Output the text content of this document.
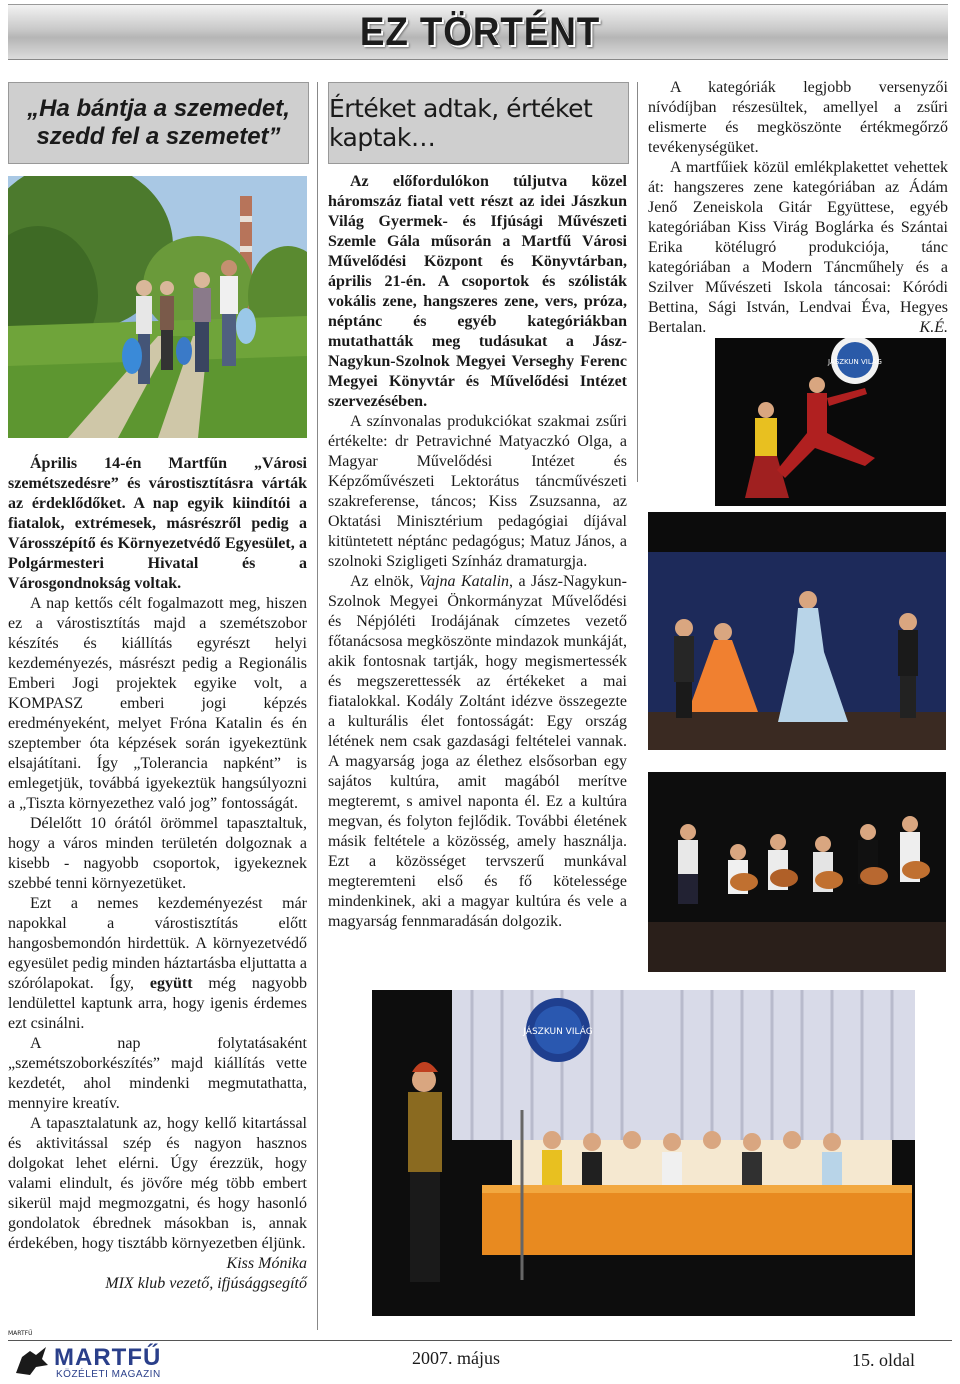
EZ TÖRTÉNT
„Ha bántja a szemedet,
szedd fel a szemetet”

Április 14-én Martfűn „Városi szemétszedésre” és várostisztításra várták az érdeklődőket. A nap egyik kiindítói a fiatalok, extrémesek, másrészről pedig a Városszépítő és Környezetvédő Egyesület, a Polgármesteri Hivatal és a Városgondnokság voltak.

A nap kettős célt fogalmazott meg, hiszen ez a várostisztítás majd a szemétszobor készítés és kiállítás egyrészt helyi kezdeményezés, másrészt pedig a Regionális Emberi Jogi projektek egyike volt, a KOMPASZ emberi jogi képzés eredményeként, melyet Fróna Katalin és én szeptember óta képzések során igyekeztünk elsajátítani. Így „Tolerancia napként” is emlegetjük, továbbá igyekeztük hangsúlyozni a „Tiszta környezethez való jog” fontosságát.

Délelőtt 10 órától örömmel tapasztaltuk, hogy a város minden területén dolgoznak a kisebb - nagyobb csoportok, igyekeznek szebbé tenni környezetüket.

Ezt a nemes kezdeményezést már napokkal a várostisztítás előtt hangosbemondón hirdettük. A környezetvédő egyesület pedig minden háztartásba eljuttatta a szórólapokat. Így, együtt még nagyobb lendülettel kaptunk arra, hogy igenis érdemes ezt csinálni.

A nap folytatásaként „szemétszoborkészítés” majd kiállítás vette kezdetét, ahol mindenki megmutathatta, mennyire kreatív.

A tapasztalatunk az, hogy kellő kitartással és aktivitással szép és nagyon hasznos dolgokat lehet elérni. Úgy érezzük, hogy valami elindult, és jövőre még több embert sikerül majd megmozgatni, és hogy hasonló gondolatok ébrednek másokban is, annak érdekében, hogy tisztább környezetben éljünk.

Kiss Mónika

MIX klub vezető, ifjúsággsegítő

Értéket adtak, értéket kaptak…

Az előfordulókon túljutva közel háromszáz fiatal vett részt az idei Jászkun Világ Gyermek- és Ifjúsági Művészeti Szemle Gála műsorán a Martfű Városi Művelődési Központ és Könyvtárban, április 21-én. A csoportok és szólisták vokális zene, hangszeres zene, vers, próza, néptánc és egyéb kategóriákban mutathatták meg tudásukat a Jász-Nagykun-Szolnok Megyei Verseghy Ferenc Megyei Könyvtár és Művelődési Intézet szervezésében.

A színvonalas produkciókat szakmai zsűri értékelte: dr Petravichné Matyaczkó Olga, a Magyar Művelődési Intézet és Képzőművészeti Lektorátus táncművészeti szakreferense, táncos; Kiss Zsuzsanna, az Oktatási Minisztérium pedagógiai díjával kitüntetett néptánc pedagógus; Matuz János, a szolnoki Szigligeti Színház dramaturgja.

Az elnök, Vajna Katalin, a Jász-Nagykun-Szolnok Megyei Önkormányzat Művelődési és Népjóléti Irodájának címzetes vezető főtanácsosa megköszönte mindazok munkáját, akik fontosnak tartják, hogy megismertessék és megszerettessék az értékeket a mai fiatalokkal. Kodály Zoltánt idézve összegezte a kulturális élet fontosságát: Egy ország létének nem csak gazdasági feltételei vannak. A magyarság joga az élethez elsősorban egy sajátos kultúra, amit magából merítve megteremt, s amivel naponta él. Ez a kultúra megvan, és folyton fejlődik. További életének másik feltétele a közösség, amely használja. Ezt a közösséget tervszerű munkával megteremteni első és fő kötelessége mindenkinek, aki a magyar kultúra és vele a magyarság fennmaradásán dolgozik.

A kategóriák legjobb versenyzői nívódíjban részesültek, amellyel a zsűri elismerte és megköszönte értékmegőrző tevékenységüket.

A martfűiek közül emlékplakettet vehettek át: hangszeres zene kategóriában az Ádám Jenő Zeneiskola Gitár Együttese, egyéb kategóriában Kiss Virág Boglárka és Szántai Erika kötélugró produkciója, tánc kategóriában a Modern Táncműhely és a Szilver Művészeti Iskola táncosai: Kóródi Bettina, Sági István, Lendvai Éva, Hegyes Bertalan.	K.É.

JÁSZKUN VILÁG
JÁSZKUN VILÁG
MARTFŰ
MARTFŰ
KÖZÉLETI MAGAZIN
2007. május	15. oldal
